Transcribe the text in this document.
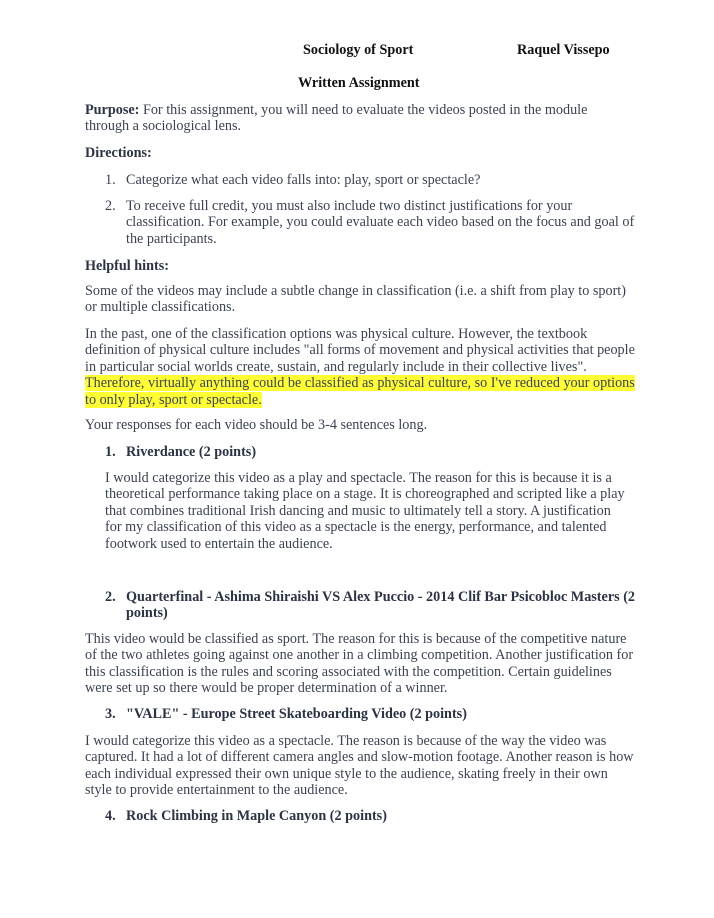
Sociology of Sport	Raquel Vissepo
Written Assignment

Purpose: For this assignment, you will need to evaluate the videos posted in the module through a sociological lens.

Directions:

1. Categorize what each video falls into: play, sport or spectacle?
2. To receive full credit, you must also include two distinct justifications for your classification. For example, you could evaluate each video based on the focus and goal of the participants.

Helpful hints:

Some of the videos may include a subtle change in classification (i.e. a shift from play to sport) or multiple classifications.

In the past, one of the classification options was physical culture. However, the textbook definition of physical culture includes "all forms of movement and physical activities that people in particular social worlds create, sustain, and regularly include in their collective lives". Therefore, virtually anything could be classified as physical culture, so I've reduced your options to only play, sport or spectacle.

Your responses for each video should be 3-4 sentences long.

1. Riverdance (2 points)

I would categorize this video as a play and spectacle. The reason for this is because it is a theoretical performance taking place on a stage. It is choreographed and scripted like a play that combines traditional Irish dancing and music to ultimately tell a story. A justification for my classification of this video as a spectacle is the energy, performance, and talented footwork used to entertain the audience.

2. Quarterfinal - Ashima Shiraishi VS Alex Puccio - 2014 Clif Bar Psicobloc Masters (2 points)

This video would be classified as sport. The reason for this is because of the competitive nature of the two athletes going against one another in a climbing competition. Another justification for this classification is the rules and scoring associated with the competition. Certain guidelines were set up so there would be proper determination of a winner.

3. "VALE" - Europe Street Skateboarding Video (2 points)

I would categorize this video as a spectacle. The reason is because of the way the video was captured. It had a lot of different camera angles and slow-motion footage. Another reason is how each individual expressed their own unique style to the audience, skating freely in their own style to provide entertainment to the audience.

4. Rock Climbing in Maple Canyon (2 points)
